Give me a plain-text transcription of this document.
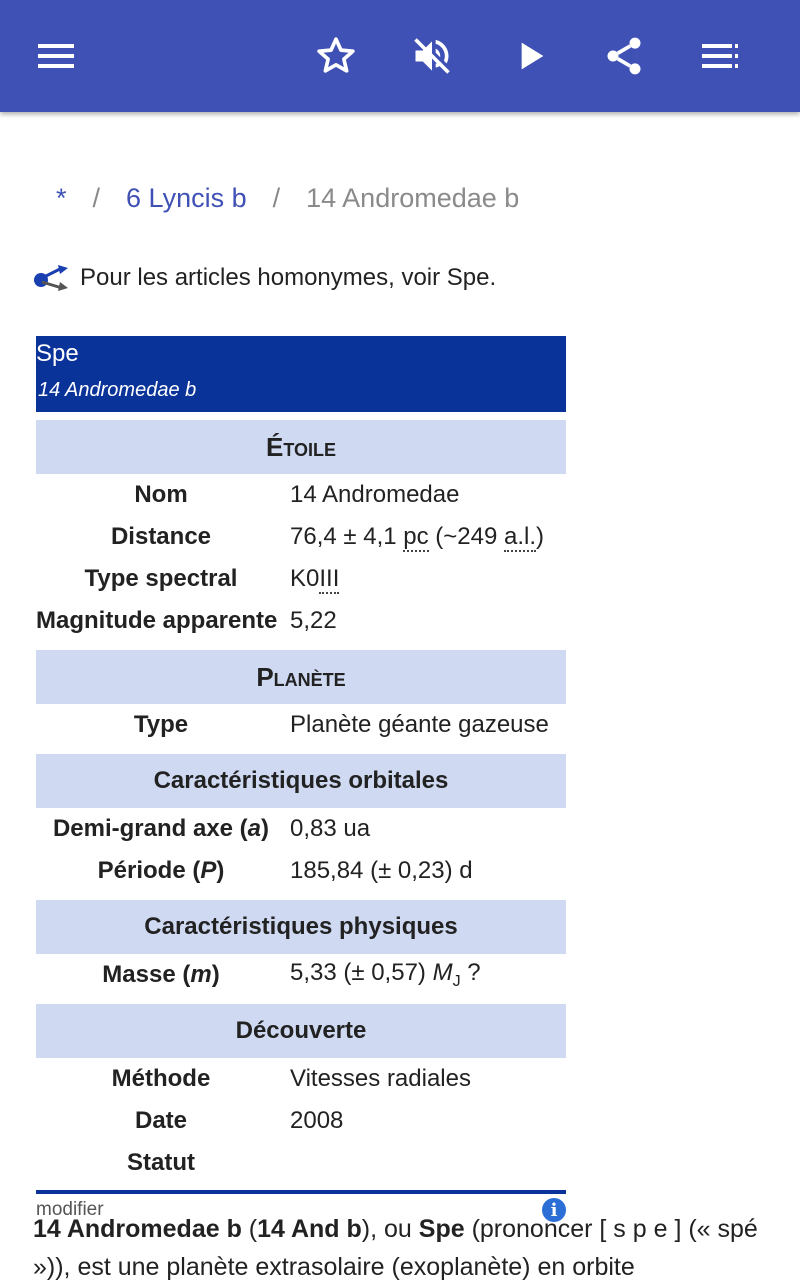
* / 6 Lyncis b / 14 Andromedae b
Pour les articles homonymes, voir Spe.
Spe
14 Andromedae b
Étoile
Nom	14 Andromedae
Distance	76,4 ± 4,1 pc (~249 a.l.)
Type spectral	K0III
Magnitude apparente 5,22
Planète
Type	Planète géante gazeuse
Caractéristiques orbitales
Demi-grand axe (a) 0,83 ua
Période (P)	185,84 (± 0,23) d
Caractéristiques physiques
Masse (m)	5,33 (± 0,57) $M_J$ ?
Découverte
Méthode	Vitesses radiales
Date	2008
Statut
modifier	i
14 Andromedae b (14 And b), ou Spe (prononcer [ s p e ] (« spé »)), est une planète extrasolaire (exoplanète) en orbite
